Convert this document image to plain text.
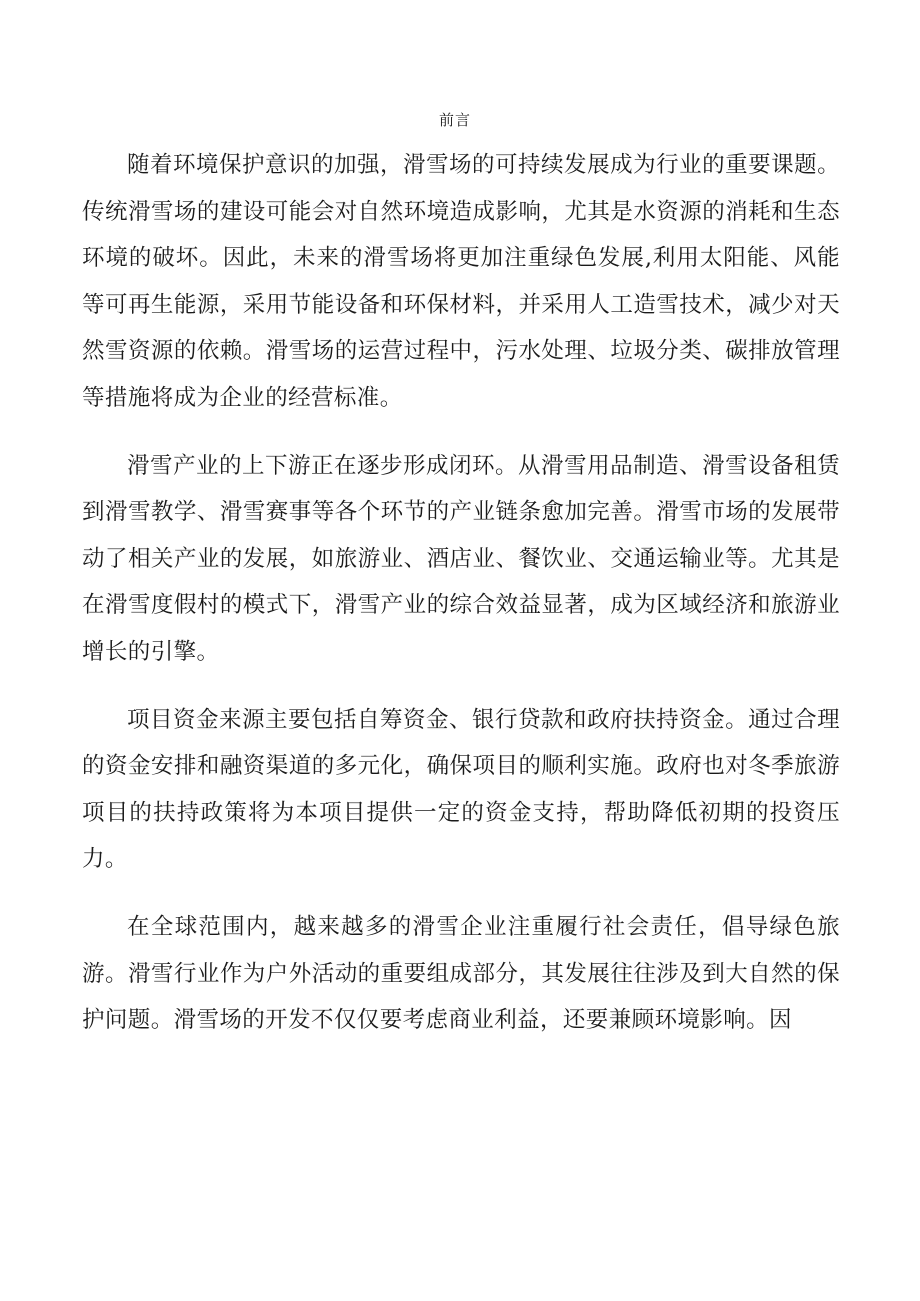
前言

随着环境保护意识的加强，滑雪场的可持续发展成为行业的重要课题。传统滑雪场的建设可能会对自然环境造成影响，尤其是水资源的消耗和生态环境的破坏。因此，未来的滑雪场将更加注重绿色发展,利用太阳能、风能等可再生能源，采用节能设备和环保材料，并采用人工造雪技术，减少对天然雪资源的依赖。滑雪场的运营过程中，污水处理、垃圾分类、碳排放管理等措施将成为企业的经营标准。

滑雪产业的上下游正在逐步形成闭环。从滑雪用品制造、滑雪设备租赁到滑雪教学、滑雪赛事等各个环节的产业链条愈加完善。滑雪市场的发展带动了相关产业的发展，如旅游业、酒店业、餐饮业、交通运输业等。尤其是在滑雪度假村的模式下，滑雪产业的综合效益显著，成为区域经济和旅游业增长的引擎。

项目资金来源主要包括自筹资金、银行贷款和政府扶持资金。通过合理的资金安排和融资渠道的多元化，确保项目的顺利实施。政府也对冬季旅游项目的扶持政策将为本项目提供一定的资金支持，帮助降低初期的投资压力。

在全球范围内，越来越多的滑雪企业注重履行社会责任，倡导绿色旅游。滑雪行业作为户外活动的重要组成部分，其发展往往涉及到大自然的保护问题。滑雪场的开发不仅仅要考虑商业利益，还要兼顾环境影响。因
